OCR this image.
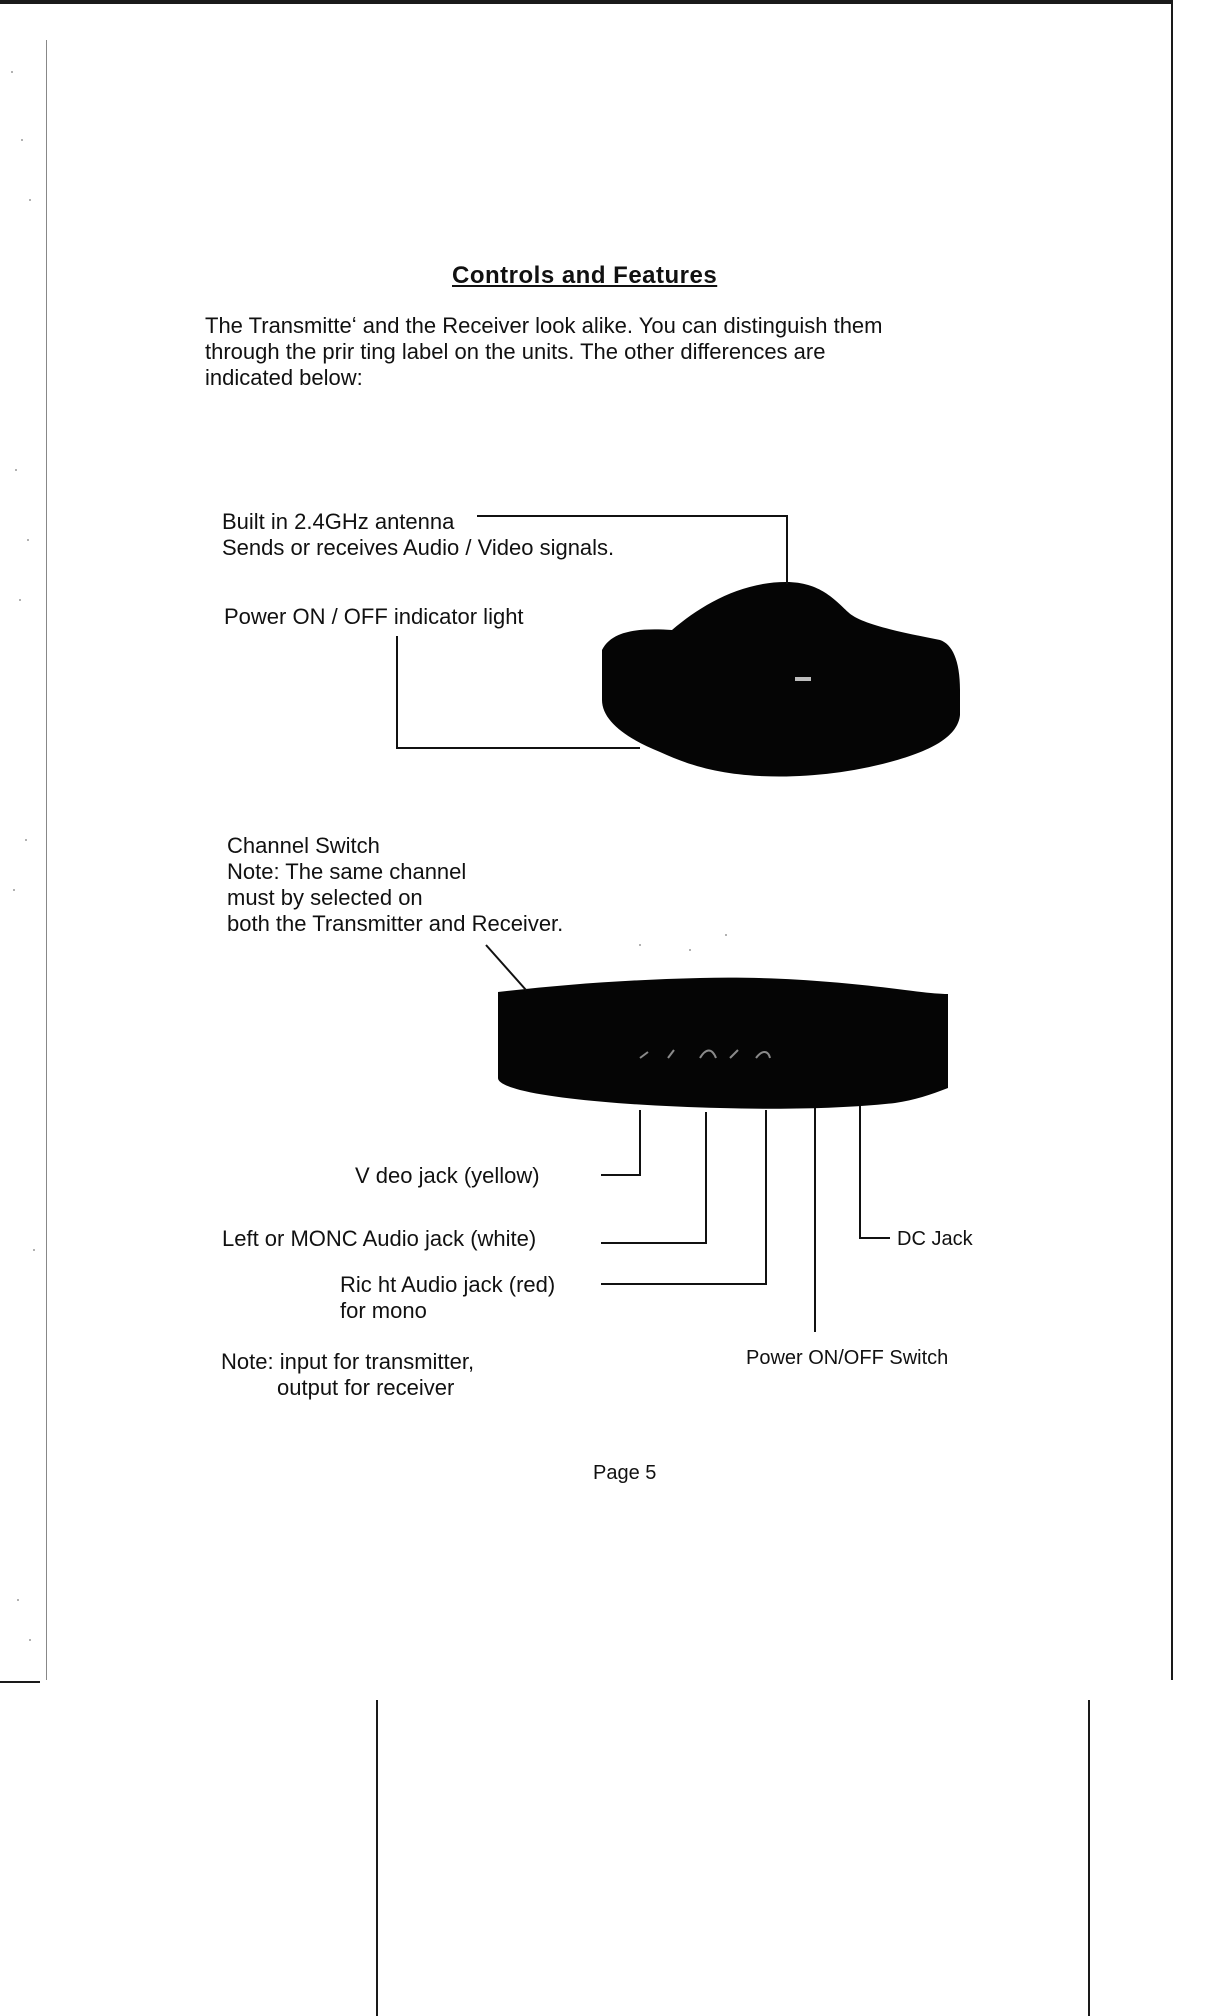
Controls and Features
The Transmitteʻ and the Receiver look alike. You can distinguish them
through the prir ting label on the units. The other differences are
indicated below:
Built in 2.4GHz antenna
Sends or receives Audio / Video signals.
Power ON / OFF indicator light
Channel Switch
Note: The same channel
must by selected on
both the Transmitter and Receiver.
V deo jack (yellow)
Left or MONC Audio jack (white)
Ric ht Audio jack (red)
for mono
DC Jack
Power ON/OFF Switch
Note: input for transmitter,
output for receiver
Page 5
